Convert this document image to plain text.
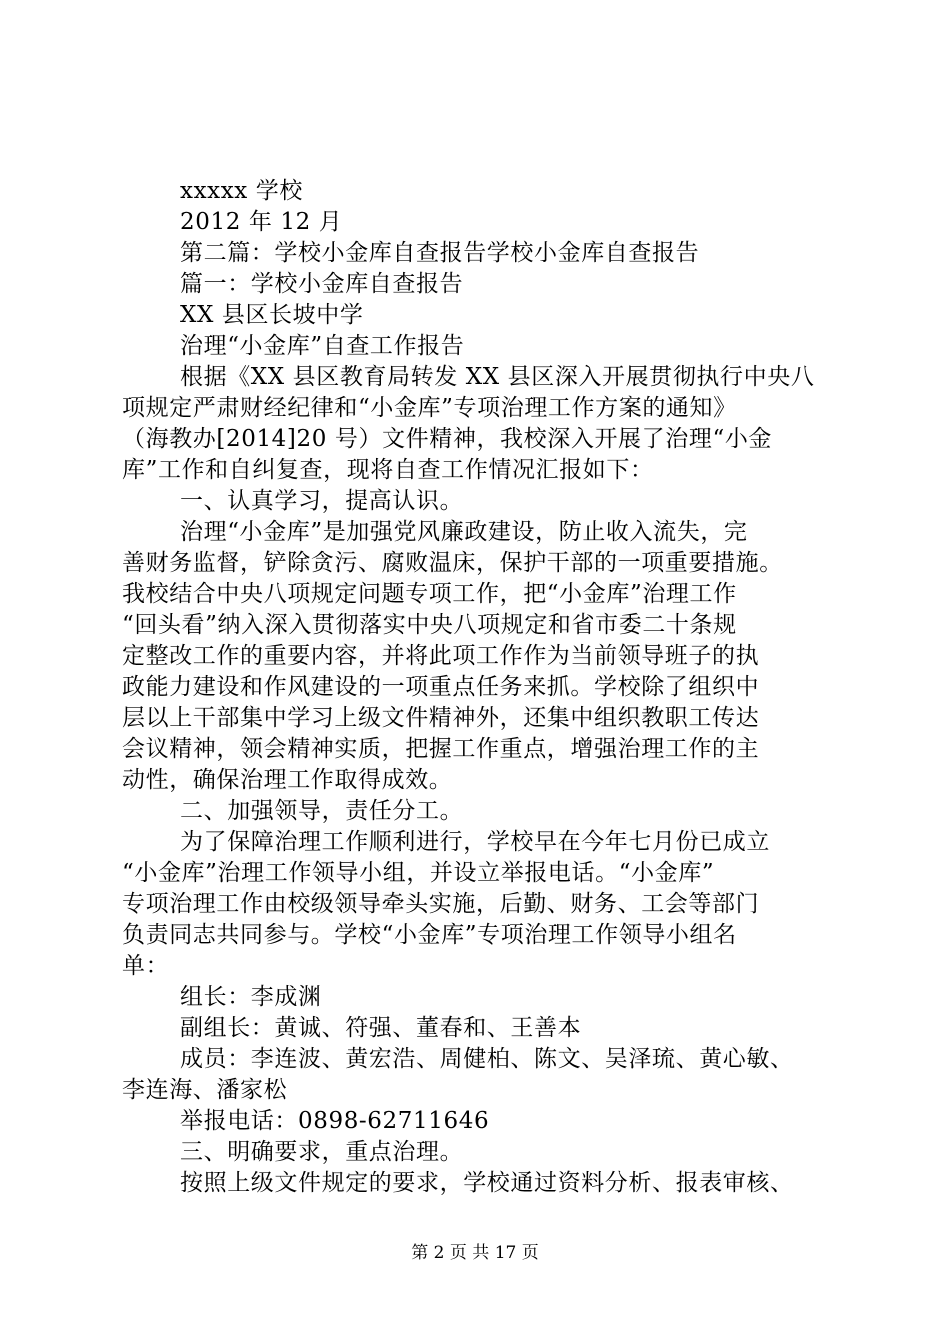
xxxxx 学校
2012 年 12 月
第二篇：学校小金库自查报告学校小金库自查报告
篇一：学校小金库自查报告
XX 县区长坡中学
治理“小金库”自查工作报告
根据《XX 县区教育局转发 XX 县区深入开展贯彻执行中央八
项规定严肃财经纪律和“小金库”专项治理工作方案的通知》
（海教办[2014]20 号）文件精神，我校深入开展了治理“小金
库”工作和自纠复查，现将自查工作情况汇报如下：
一、认真学习，提高认识。
治理“小金库”是加强党风廉政建设，防止收入流失，完
善财务监督，铲除贪污、腐败温床，保护干部的一项重要措施。
我校结合中央八项规定问题专项工作，把“小金库”治理工作
“回头看”纳入深入贯彻落实中央八项规定和省市委二十条规
定整改工作的重要内容，并将此项工作作为当前领导班子的执
政能力建设和作风建设的一项重点任务来抓。学校除了组织中
层以上干部集中学习上级文件精神外，还集中组织教职工传达
会议精神，领会精神实质，把握工作重点，增强治理工作的主
动性，确保治理工作取得成效。
二、加强领导，责任分工。
为了保障治理工作顺利进行，学校早在今年七月份已成立
“小金库”治理工作领导小组，并设立举报电话。“小金库”
专项治理工作由校级领导牵头实施，后勤、财务、工会等部门
负责同志共同参与。学校“小金库”专项治理工作领导小组名
单：
组长：李成渊
副组长：黄诚、符强、董春和、王善本
成员：李连波、黄宏浩、周健柏、陈文、吴泽琉、黄心敏、
李连海、潘家松
举报电话：0898-62711646
三、明确要求，重点治理。
按照上级文件规定的要求，学校通过资料分析、报表审核、
第 2 页 共 17 页
